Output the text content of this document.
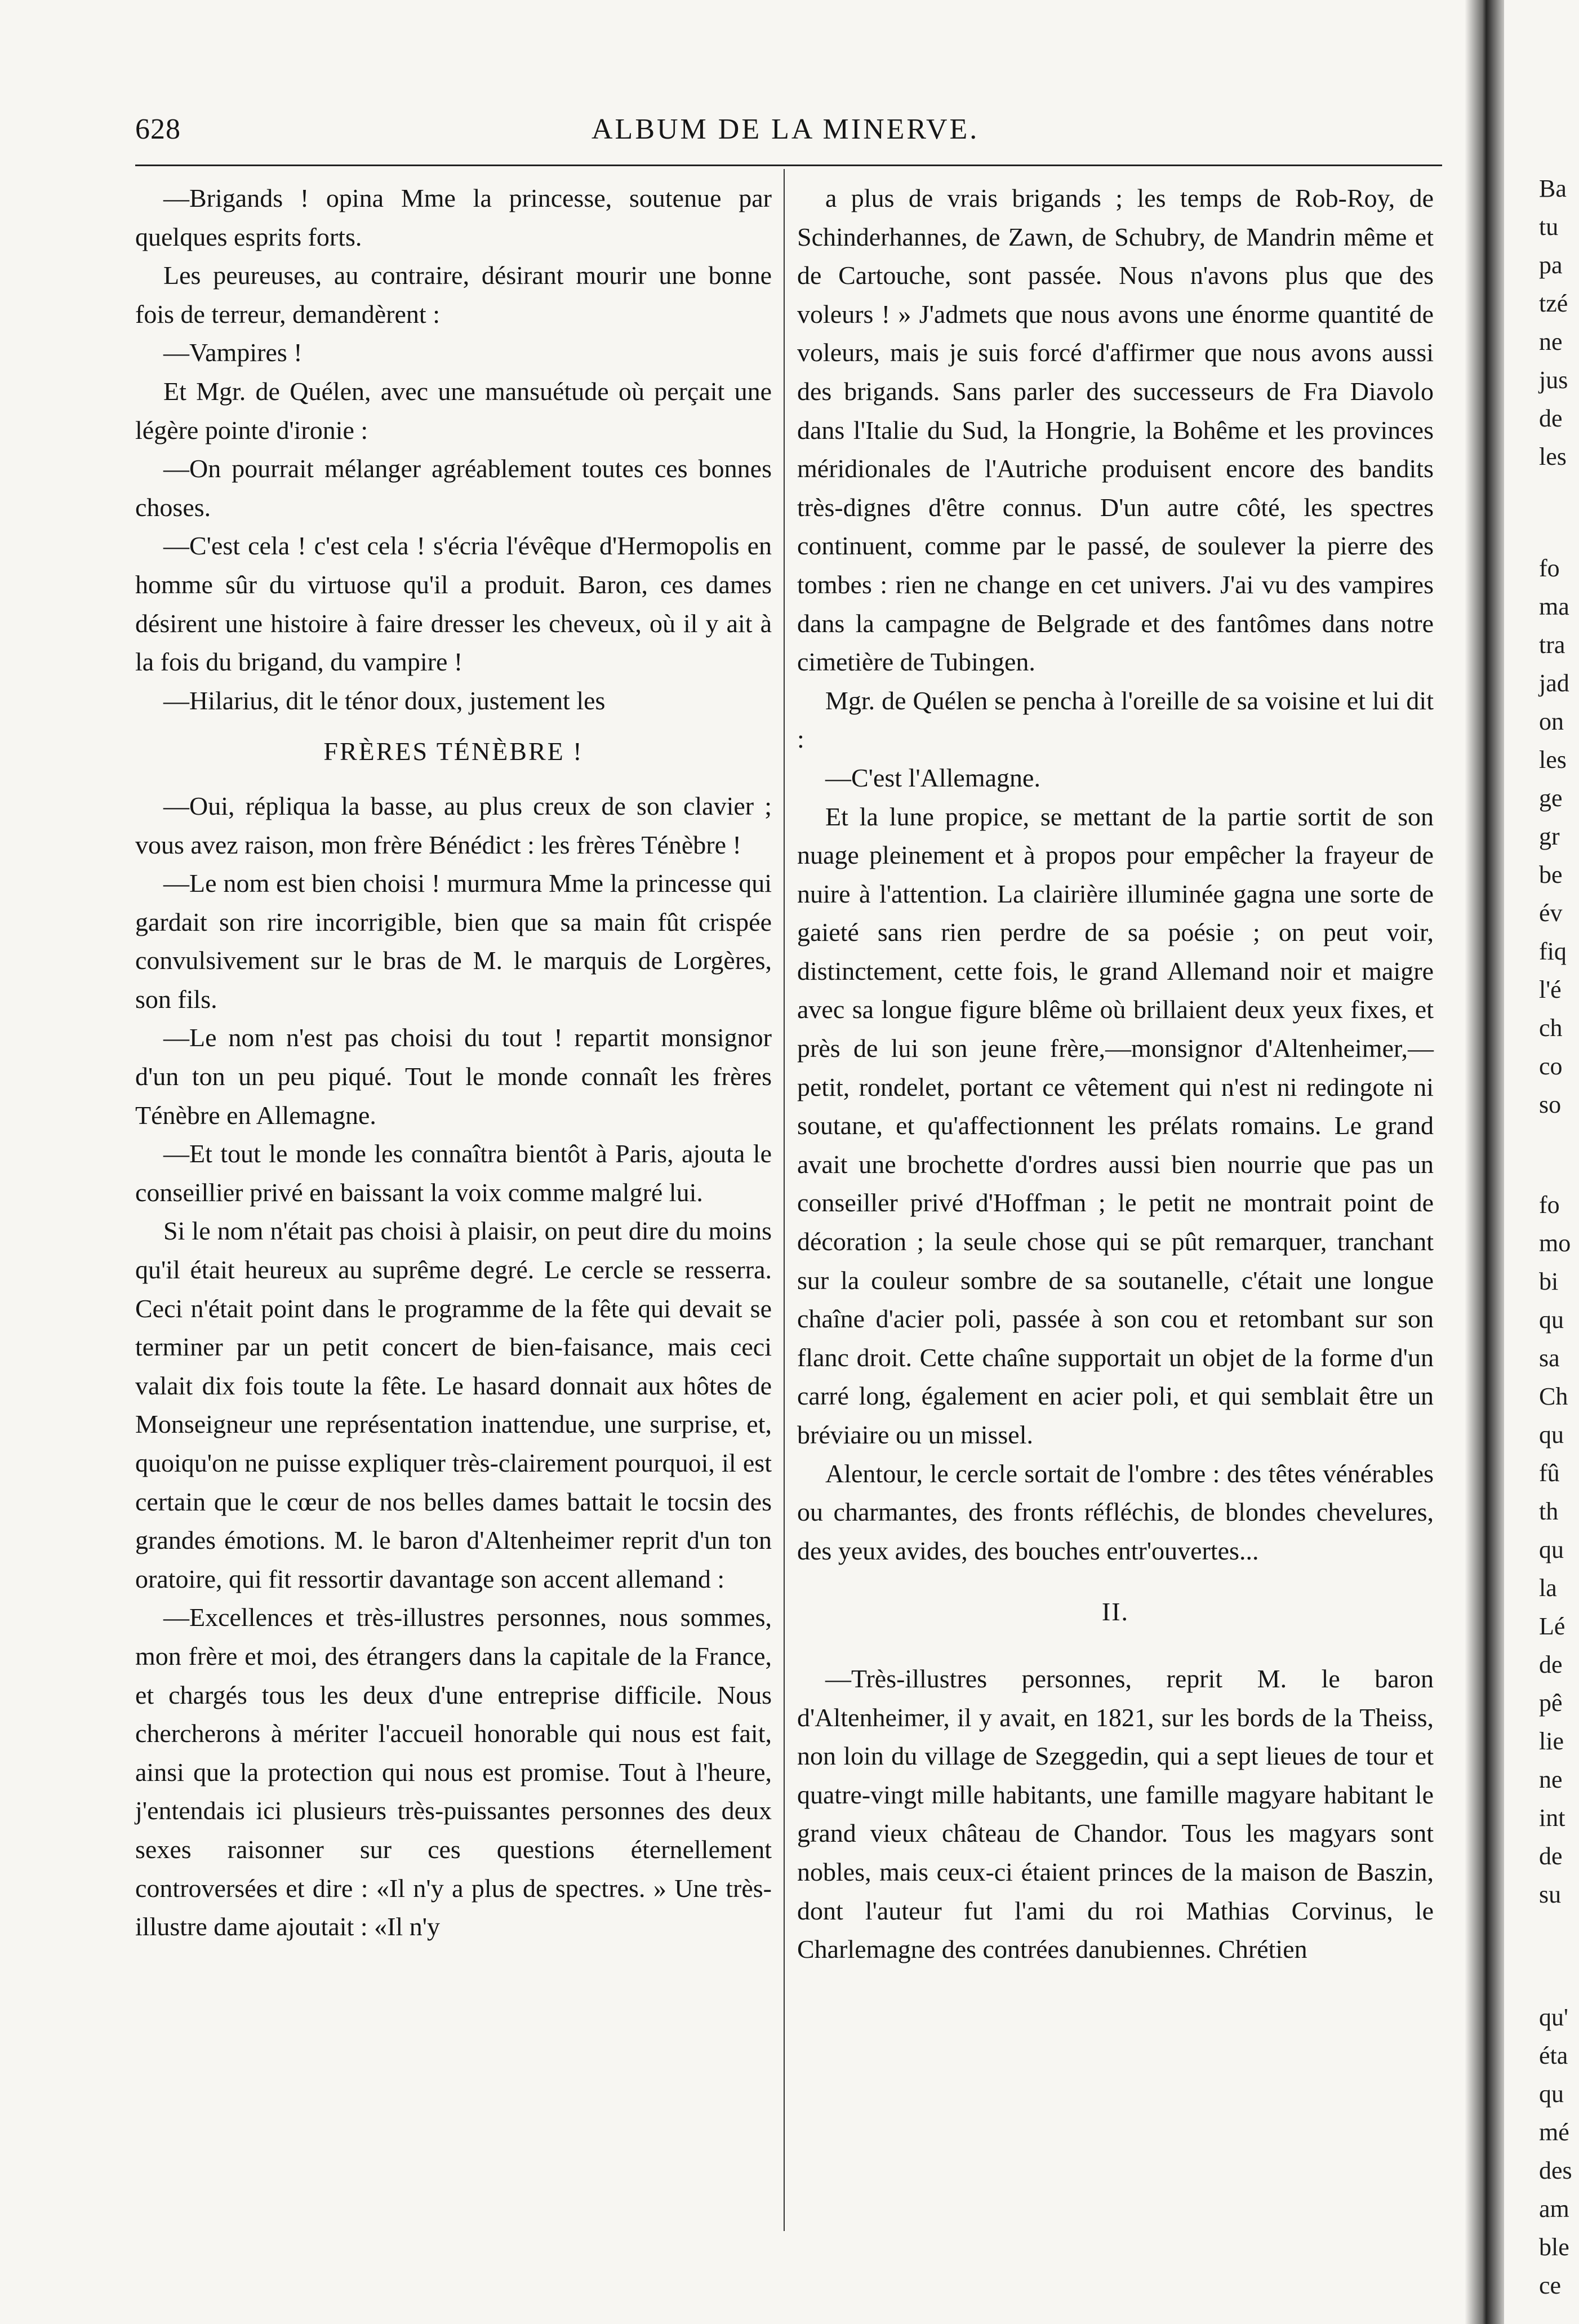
628	ALBUM DE LA MINERVE.

—Brigands ! opina Mme la princesse, soutenue par quelques esprits forts.

Les peureuses, au contraire, désirant mourir une bonne fois de terreur, demandèrent :

—Vampires !

Et Mgr. de Quélen, avec une mansuétude où perçait une légère pointe d'ironie :

—On pourrait mélanger agréablement toutes ces bonnes choses.

—C'est cela ! c'est cela ! s'écria l'évêque d'Hermopolis en homme sûr du virtuose qu'il a produit. Baron, ces dames désirent une histoire à faire dresser les cheveux, où il y ait à la fois du brigand, du vampire !

—Hilarius, dit le ténor doux, justement les

FRÈRES TÉNÈBRE !

—Oui, répliqua la basse, au plus creux de son clavier ; vous avez raison, mon frère Bénédict : les frères Ténèbre !

—Le nom est bien choisi ! murmura Mme la princesse qui gardait son rire incorrigible, bien que sa main fût crispée convulsivement sur le bras de M. le marquis de Lorgères, son fils.

—Le nom n'est pas choisi du tout ! repartit monsignor d'un ton un peu piqué. Tout le monde connaît les frères Ténèbre en Allemagne.

—Et tout le monde les connaîtra bientôt à Paris, ajouta le conseillier privé en baissant la voix comme malgré lui.

Si le nom n'était pas choisi à plaisir, on peut dire du moins qu'il était heureux au suprême degré. Le cercle se resserra. Ceci n'était point dans le programme de la fête qui devait se terminer par un petit concert de bien-faisance, mais ceci valait dix fois toute la fête. Le hasard donnait aux hôtes de Monseigneur une représentation inattendue, une surprise, et, quoiqu'on ne puisse expliquer très-clairement pourquoi, il est certain que le cœur de nos belles dames battait le tocsin des grandes émotions. M. le baron d'Altenheimer reprit d'un ton oratoire, qui fit ressortir davantage son accent allemand :

—Excellences et très-illustres personnes, nous sommes, mon frère et moi, des étrangers dans la capitale de la France, et chargés tous les deux d'une entreprise difficile. Nous chercherons à mériter l'accueil honorable qui nous est fait, ainsi que la protection qui nous est promise. Tout à l'heure, j'entendais ici plusieurs très-puissantes personnes des deux sexes raisonner sur ces questions éternellement controversées et dire : «Il n'y a plus de spectres. » Une très-illustre dame ajoutait : «Il n'y

a plus de vrais brigands ; les temps de Rob-Roy, de Schinderhannes, de Zawn, de Schubry, de Mandrin même et de Cartouche, sont passée. Nous n'avons plus que des voleurs ! » J'admets que nous avons une énorme quantité de voleurs, mais je suis forcé d'affirmer que nous avons aussi des brigands. Sans parler des successeurs de Fra Diavolo dans l'Italie du Sud, la Hongrie, la Bohême et les provinces méridionales de l'Autriche produisent encore des bandits très-dignes d'être connus. D'un autre côté, les spectres continuent, comme par le passé, de soulever la pierre des tombes : rien ne change en cet univers. J'ai vu des vampires dans la campagne de Belgrade et des fantômes dans notre cimetière de Tubingen.

Mgr. de Quélen se pencha à l'oreille de sa voisine et lui dit :

—C'est l'Allemagne.

Et la lune propice, se mettant de la partie sortit de son nuage pleinement et à propos pour empêcher la frayeur de nuire à l'attention. La clairière illuminée gagna une sorte de gaieté sans rien perdre de sa poésie ; on peut voir, distinctement, cette fois, le grand Allemand noir et maigre avec sa longue figure blême où brillaient deux yeux fixes, et près de lui son jeune frère,—monsignor d'Altenheimer,—petit, rondelet, portant ce vêtement qui n'est ni redingote ni soutane, et qu'affectionnent les prélats romains. Le grand avait une brochette d'ordres aussi bien nourrie que pas un conseiller privé d'Hoffman ; le petit ne montrait point de décoration ; la seule chose qui se pût remarquer, tranchant sur la couleur sombre de sa soutanelle, c'était une longue chaîne d'acier poli, passée à son cou et retombant sur son flanc droit. Cette chaîne supportait un objet de la forme d'un carré long, également en acier poli, et qui semblait être un bréviaire ou un missel.

Alentour, le cercle sortait de l'ombre : des têtes vénérables ou charmantes, des fronts réfléchis, de blondes chevelures, des yeux avides, des bouches entr'ouvertes...

II.

—Très-illustres personnes, reprit M. le baron d'Altenheimer, il y avait, en 1821, sur les bords de la Theiss, non loin du village de Szeggedin, qui a sept lieues de tour et quatre-vingt mille habitants, une famille magyare habitant le grand vieux château de Chandor. Tous les magyars sont nobles, mais ceux-ci étaient princes de la maison de Baszin, dont l'auteur fut l'ami du roi Mathias Corvinus, le Charlemagne des contrées danubiennes. Chrétien

Ba
tu
pa
tzé
ne
jus
de
les
fo
ma
tra
jad
on
les
ge
gr
be
év
fiq
l'é
ch
co
so
fo
mo
bi
qu
sa
Ch
qu
fû
th
qu
la
Lé
de
pê
lie
ne
int
de
su
qu'
éta
qu
mé
des
am
ble
ce
